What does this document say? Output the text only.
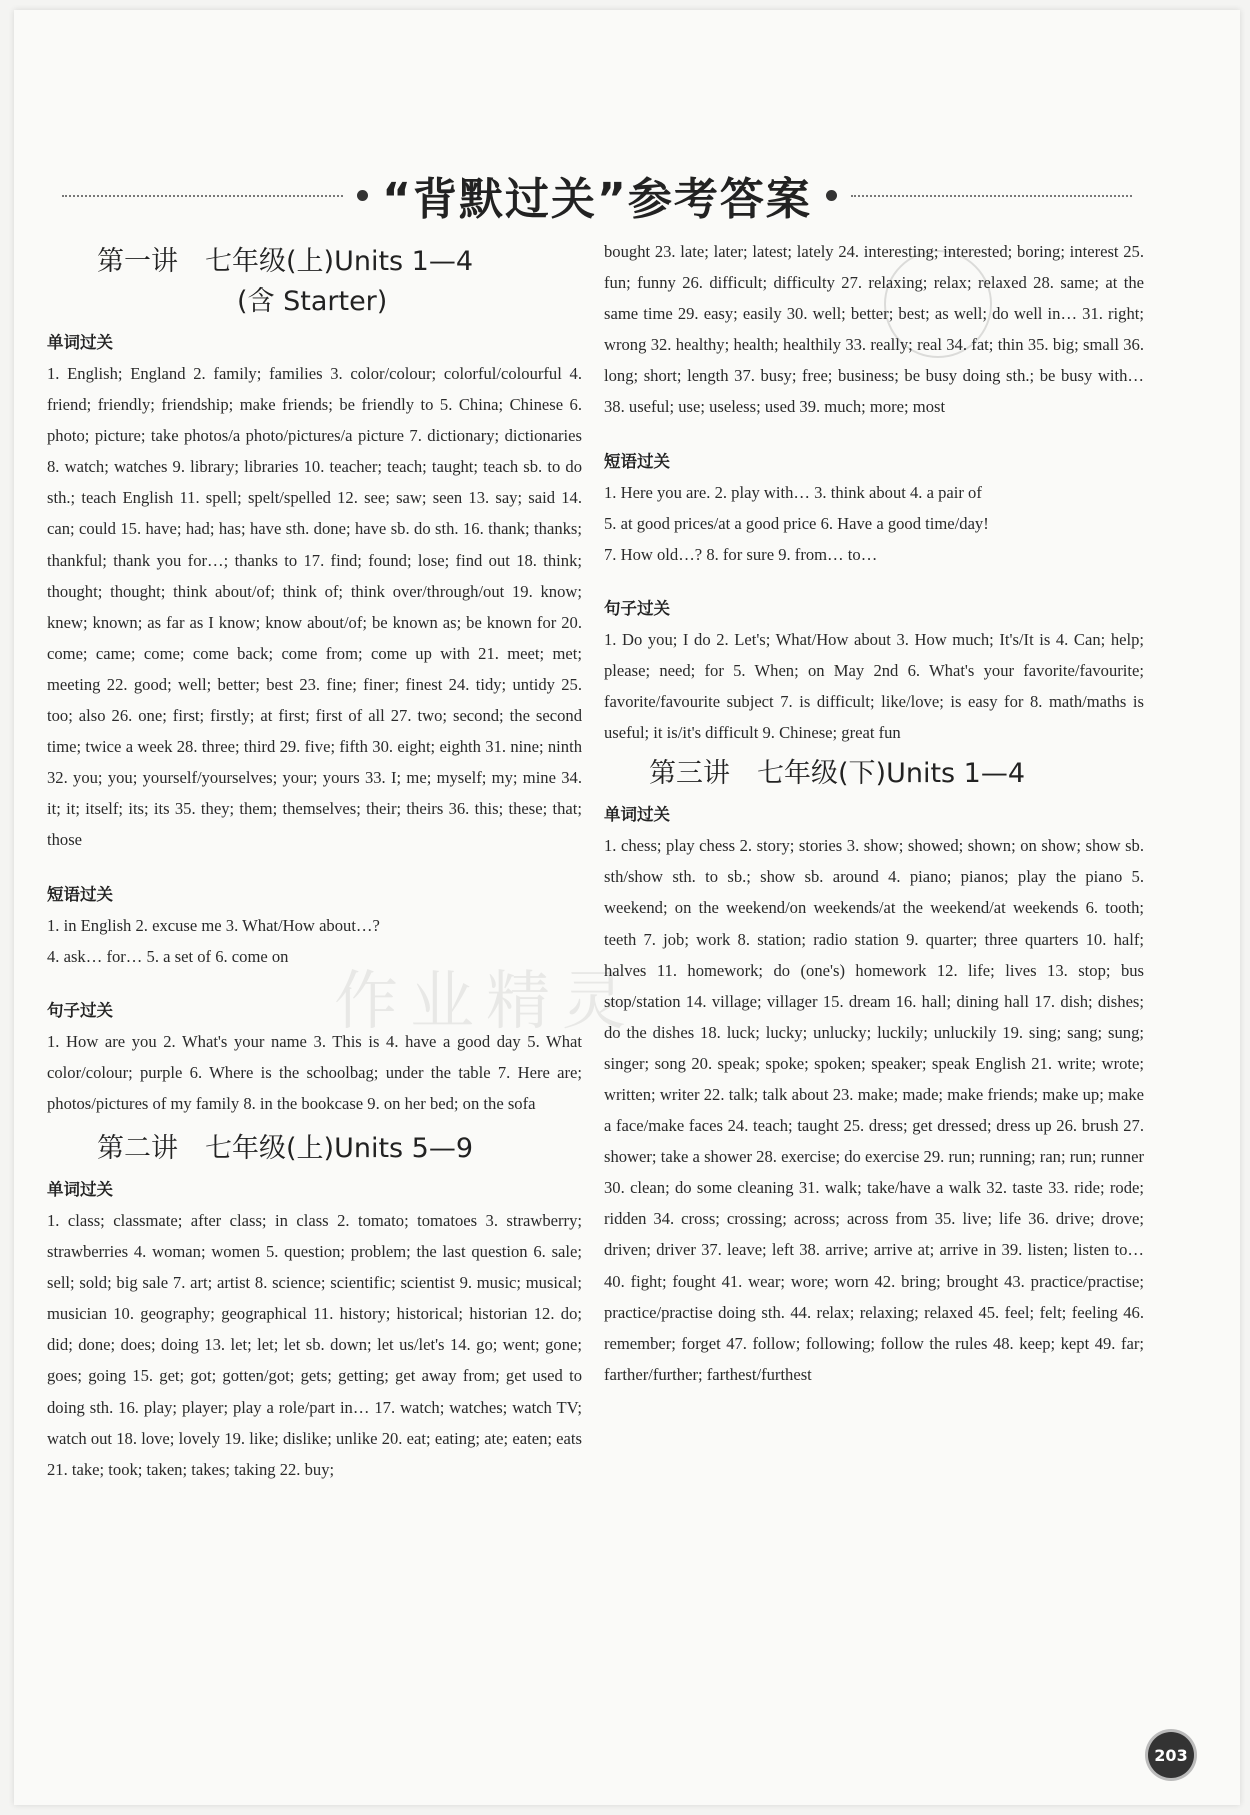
“背默过关”参考答案
第一讲　七年级(上)Units 1—4
(含 Starter)

单词过关

1. English; England 2. family; families 3. color/colour; colorful/colourful 4. friend; friendly; friendship; make friends; be friendly to 5. China; Chinese 6. photo; picture; take photos/a photo/pictures/a picture 7. dictionary; dictionaries 8. watch; watches 9. library; libraries 10. teacher; teach; taught; teach sb. to do sth.; teach English 11. spell; spelt/spelled 12. see; saw; seen 13. say; said 14. can; could 15. have; had; has; have sth. done; have sb. do sth. 16. thank; thanks; thankful; thank you for…; thanks to 17. find; found; lose; find out 18. think; thought; thought; think about/of; think of; think over/through/out 19. know; knew; known; as far as I know; know about/of; be known as; be known for 20. come; came; come; come back; come from; come up with 21. meet; met; meeting 22. good; well; better; best 23. fine; finer; finest 24. tidy; untidy 25. too; also 26. one; first; firstly; at first; first of all 27. two; second; the second time; twice a week 28. three; third 29. five; fifth 30. eight; eighth 31. nine; ninth 32. you; you; yourself/yourselves; your; yours 33. I; me; myself; my; mine 34. it; it; itself; its; its 35. they; them; themselves; their; theirs 36. this; these; that; those

短语过关

1. in English 2. excuse me 3. What/How about…?

4. ask… for… 5. a set of 6. come on

句子过关

1. How are you 2. What's your name 3. This is 4. have a good day 5. What color/colour; purple 6. Where is the schoolbag; under the table 7. Here are; photos/pictures of my family 8. in the bookcase 9. on her bed; on the sofa

第二讲　七年级(上)Units 5—9

单词过关

1. class; classmate; after class; in class 2. tomato; tomatoes 3. strawberry; strawberries 4. woman; women 5. question; problem; the last question 6. sale; sell; sold; big sale 7. art; artist 8. science; scientific; scientist 9. music; musical; musician 10. geography; geographical 11. history; historical; historian 12. do; did; done; does; doing 13. let; let; let sb. down; let us/let's 14. go; went; gone; goes; going 15. get; got; gotten/got; gets; getting; get away from; get used to doing sth. 16. play; player; play a role/part in… 17. watch; watches; watch TV; watch out 18. love; lovely 19. like; dislike; unlike 20. eat; eating; ate; eaten; eats 21. take; took; taken; takes; taking 22. buy;

bought 23. late; later; latest; lately 24. interesting; interested; boring; interest 25. fun; funny 26. difficult; difficulty 27. relaxing; relax; relaxed 28. same; at the same time 29. easy; easily 30. well; better; best; as well; do well in… 31. right; wrong 32. healthy; health; healthily 33. really; real 34. fat; thin 35. big; small 36. long; short; length 37. busy; free; business; be busy doing sth.; be busy with… 38. useful; use; useless; used 39. much; more; most

短语过关

1. Here you are. 2. play with… 3. think about 4. a pair of

5. at good prices/at a good price 6. Have a good time/day!

7. How old…? 8. for sure 9. from… to…

句子过关

1. Do you; I do 2. Let's; What/How about 3. How much; It's/It is 4. Can; help; please; need; for 5. When; on May 2nd 6. What's your favorite/favourite; favorite/favourite subject 7. is difficult; like/love; is easy for 8. math/maths is useful; it is/it's difficult 9. Chinese; great fun

第三讲　七年级(下)Units 1—4

单词过关

1. chess; play chess 2. story; stories 3. show; showed; shown; on show; show sb. sth/show sth. to sb.; show sb. around 4. piano; pianos; play the piano 5. weekend; on the weekend/on weekends/at the weekend/at weekends 6. tooth; teeth 7. job; work 8. station; radio station 9. quarter; three quarters 10. half; halves 11. homework; do (one's) homework 12. life; lives 13. stop; bus stop/station 14. village; villager 15. dream 16. hall; dining hall 17. dish; dishes; do the dishes 18. luck; lucky; unlucky; luckily; unluckily 19. sing; sang; sung; singer; song 20. speak; spoke; spoken; speaker; speak English 21. write; wrote; written; writer 22. talk; talk about 23. make; made; make friends; make up; make a face/make faces 24. teach; taught 25. dress; get dressed; dress up 26. brush 27. shower; take a shower 28. exercise; do exercise 29. run; running; ran; run; runner 30. clean; do some cleaning 31. walk; take/have a walk 32. taste 33. ride; rode; ridden 34. cross; crossing; across; across from 35. live; life 36. drive; drove; driven; driver 37. leave; left 38. arrive; arrive at; arrive in 39. listen; listen to… 40. fight; fought 41. wear; wore; worn 42. bring; brought 43. practice/practise; practice/practise doing sth. 44. relax; relaxing; relaxed 45. feel; felt; feeling 46. remember; forget 47. follow; following; follow the rules 48. keep; kept 49. far; farther/further; farthest/furthest

作业精灵
203
